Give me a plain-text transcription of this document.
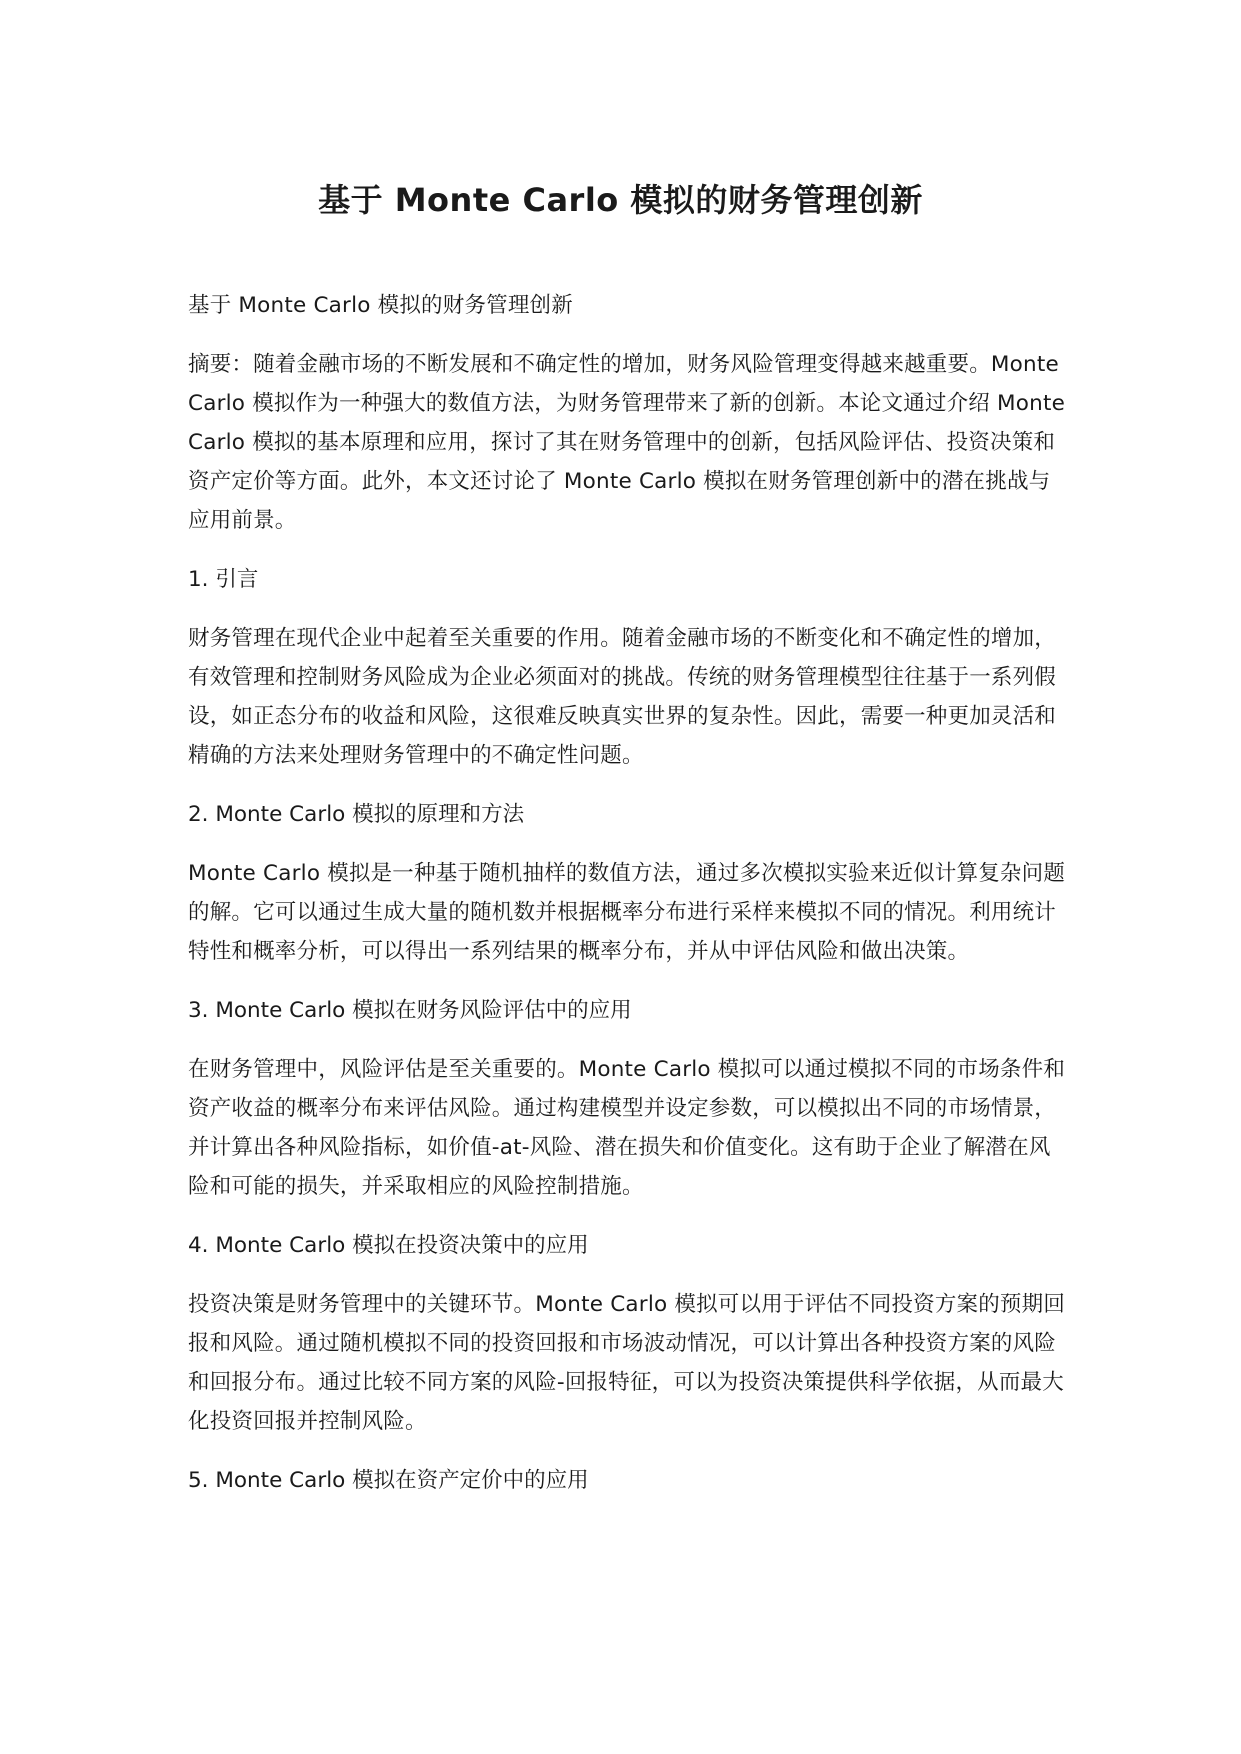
基于 Monte Carlo 模拟的财务管理创新

基于 Monte Carlo 模拟的财务管理创新

摘要：随着金融市场的不断发展和不确定性的增加，财务风险管理变得越来越重要。Monte Carlo 模拟作为一种强大的数值方法，为财务管理带来了新的创新。本论文通过介绍 Monte Carlo 模拟的基本原理和应用，探讨了其在财务管理中的创新，包括风险评估、投资决策和资产定价等方面。此外，本文还讨论了 Monte Carlo 模拟在财务管理创新中的潜在挑战与应用前景。

1. 引言

财务管理在现代企业中起着至关重要的作用。随着金融市场的不断变化和不确定性的增加，有效管理和控制财务风险成为企业必须面对的挑战。传统的财务管理模型往往基于一系列假设，如正态分布的收益和风险，这很难反映真实世界的复杂性。因此，需要一种更加灵活和精确的方法来处理财务管理中的不确定性问题。

2. Monte Carlo 模拟的原理和方法

Monte Carlo 模拟是一种基于随机抽样的数值方法，通过多次模拟实验来近似计算复杂问题的解。它可以通过生成大量的随机数并根据概率分布进行采样来模拟不同的情况。利用统计特性和概率分析，可以得出一系列结果的概率分布，并从中评估风险和做出决策。

3. Monte Carlo 模拟在财务风险评估中的应用

在财务管理中，风险评估是至关重要的。Monte Carlo 模拟可以通过模拟不同的市场条件和资产收益的概率分布来评估风险。通过构建模型并设定参数，可以模拟出不同的市场情景，并计算出各种风险指标，如价值-at-风险、潜在损失和价值变化。这有助于企业了解潜在风险和可能的损失，并采取相应的风险控制措施。

4. Monte Carlo 模拟在投资决策中的应用

投资决策是财务管理中的关键环节。Monte Carlo 模拟可以用于评估不同投资方案的预期回报和风险。通过随机模拟不同的投资回报和市场波动情况，可以计算出各种投资方案的风险和回报分布。通过比较不同方案的风险-回报特征，可以为投资决策提供科学依据，从而最大化投资回报并控制风险。

5. Monte Carlo 模拟在资产定价中的应用
